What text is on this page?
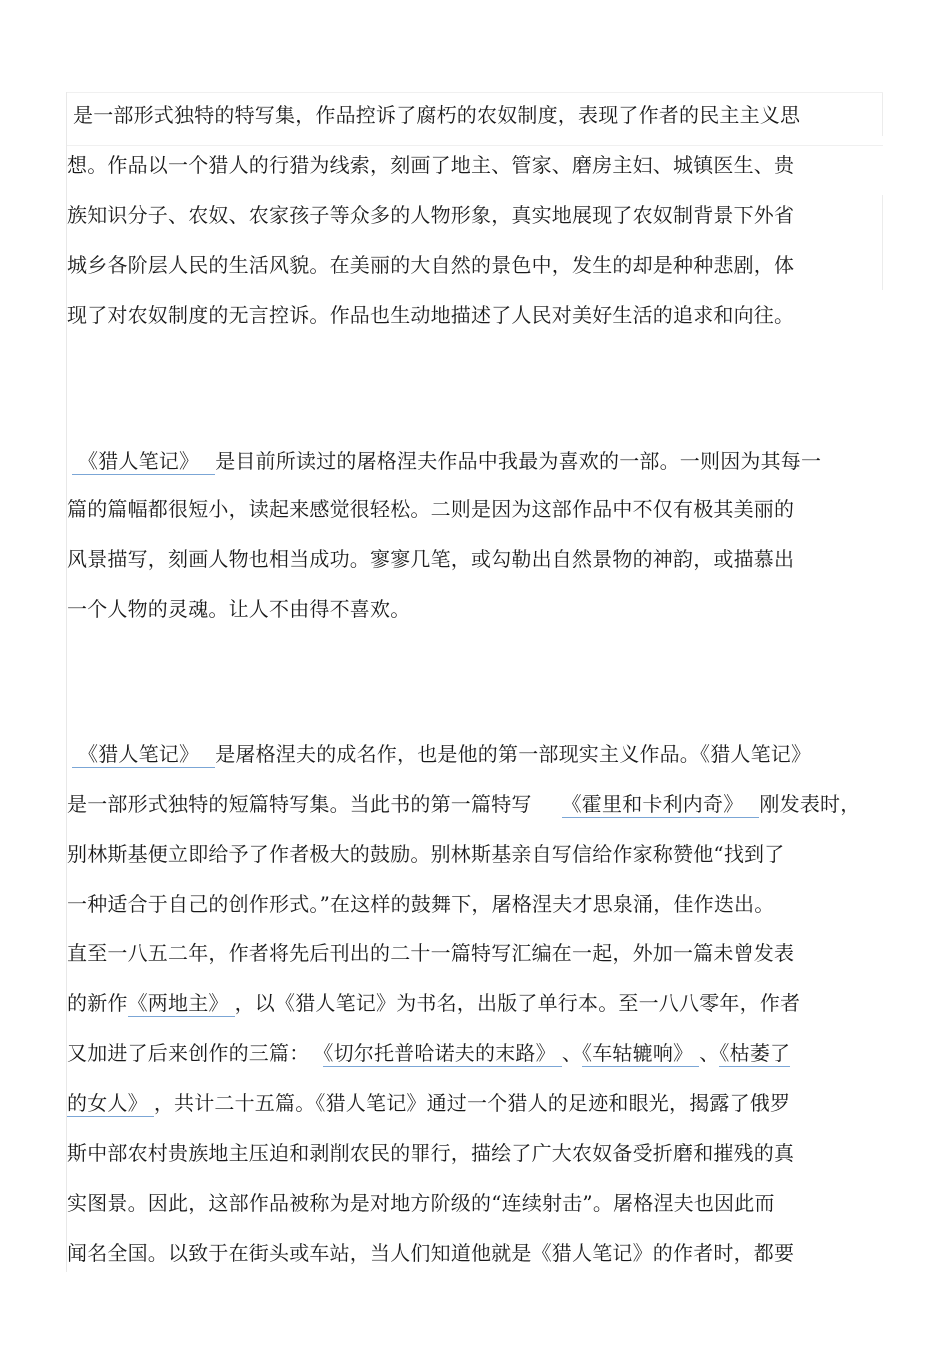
是一部形式独特的特写集，作品控诉了腐朽的农奴制度，表现了作者的民主主义思
想。作品以一个猎人的行猎为线索，刻画了地主、管家、磨房主妇、城镇医生、贵
族知识分子、农奴、农家孩子等众多的人物形象，真实地展现了农奴制背景下外省
城乡各阶层人民的生活风貌。在美丽的大自然的景色中，发生的却是种种悲剧，体
现了对农奴制度的无言控诉。作品也生动地描述了人民对美好生活的追求和向往。
《猎人笔记》 是目前所读过的屠格涅夫作品中我最为喜欢的一部。一则因为其每一
篇的篇幅都很短小，读起来感觉很轻松。二则是因为这部作品中不仅有极其美丽的
风景描写，刻画人物也相当成功。寥寥几笔，或勾勒出自然景物的神韵，或描慕出
一个人物的灵魂。让人不由得不喜欢。
《猎人笔记》 是屠格涅夫的成名作，也是他的第一部现实主义作品。《猎人笔记》
是一部形式独特的短篇特写集。当此书的第一篇特写 《霍里和卡利内奇》 刚发表时，
别林斯基便立即给予了作者极大的鼓励。别林斯基亲自写信给作家称赞他“找到了
一种适合于自己的创作形式。”在这样的鼓舞下，屠格涅夫才思泉涌，佳作迭出。
直至一八五二年，作者将先后刊出的二十一篇特写汇编在一起，外加一篇未曾发表
的新作《两地主》 ，以《猎人笔记》为书名，出版了单行本。至一八八零年，作者
又加进了后来创作的三篇： 《切尔托普哈诺夫的末路》 、《车轱辘响》 、《枯萎了
的女人》 ，共计二十五篇。《猎人笔记》通过一个猎人的足迹和眼光，揭露了俄罗
斯中部农村贵族地主压迫和剥削农民的罪行，描绘了广大农奴备受折磨和摧残的真
实图景。因此，这部作品被称为是对地方阶级的“连续射击”。屠格涅夫也因此而
闻名全国。以致于在街头或车站，当人们知道他就是《猎人笔记》的作者时，都要
